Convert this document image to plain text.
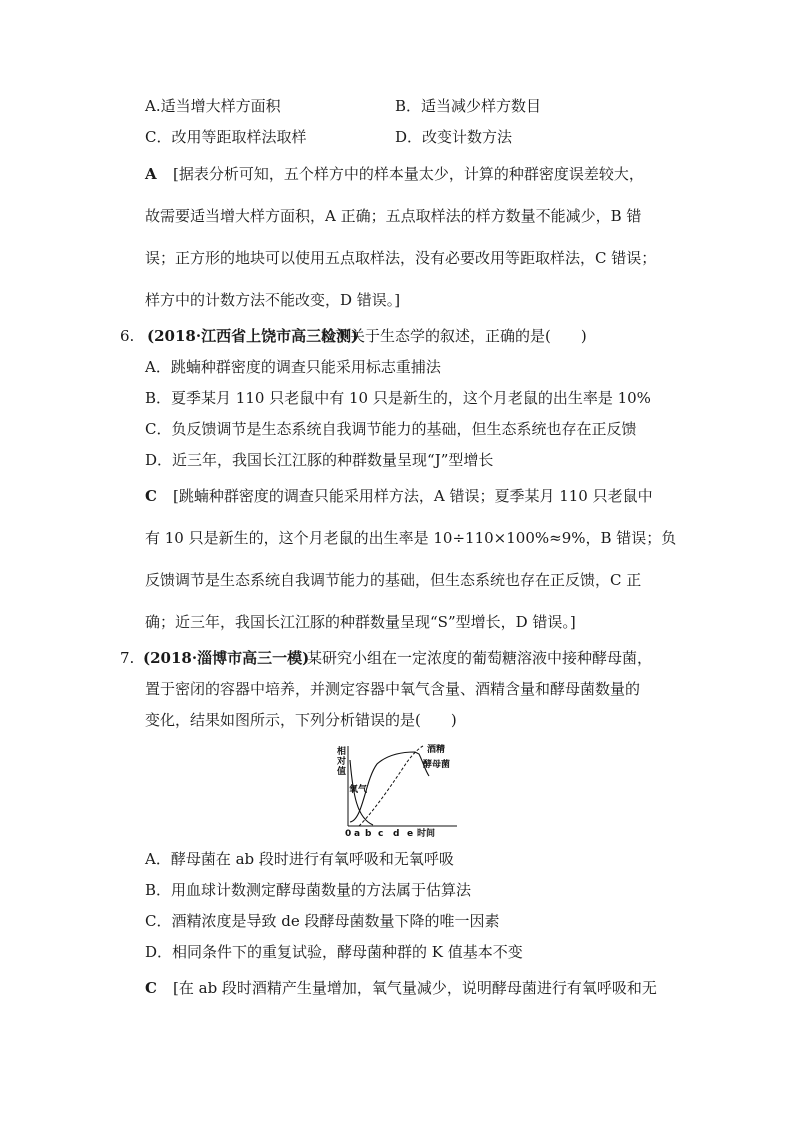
A.适当增大样方面积	B．适当减少样方数目
C．改用等距取样法取样	D．改变计数方法
A [据表分析可知，五个样方中的样本量太少，计算的种群密度误差较大，
故需要适当增大样方面积，A 正确；五点取样法的样方数量不能减少，B 错
误；正方形的地块可以使用五点取样法，没有必要改用等距取样法，C 错误；
样方中的计数方法不能改变，D 错误。]
6. (2018·江西省上饶市高三检测)
以下关于生态学的叙述，正确的是(　　)
A．跳蝻种群密度的调查只能采用标志重捕法
B．夏季某月 110 只老鼠中有 10 只是新生的，这个月老鼠的出生率是 10%
C．负反馈调节是生态系统自我调节能力的基础，但生态系统也存在正反馈
D．近三年，我国长江江豚的种群数量呈现“J”型增长
C [跳蝻种群密度的调查只能采用样方法，A 错误；夏季某月 110 只老鼠中
有 10 只是新生的，这个月老鼠的出生率是 10÷110×100%≈9%，B 错误；负
反馈调节是生态系统自我调节能力的基础，但生态系统也存在正反馈，C 正
确；近三年，我国长江江豚的种群数量呈现“S”型增长，D 错误。]
7. (2018·淄博市高三一模)
某研究小组在一定浓度的葡萄糖溶液中接种酵母菌，
置于密闭的容器中培养，并测定容器中氧气含量、酒精含量和酵母菌数量的
变化，结果如图所示，下列分析错误的是(　　)
相 对 值
酒精
酵母菌
氧气
0 a b c d e 时间
A．酵母菌在 ab 段时进行有氧呼吸和无氧呼吸
B．用血球计数测定酵母菌数量的方法属于估算法
C．酒精浓度是导致 de 段酵母菌数量下降的唯一因素
D．相同条件下的重复试验，酵母菌种群的 K 值基本不变
C [在 ab 段时酒精产生量增加，氧气量减少，说明酵母菌进行有氧呼吸和无
